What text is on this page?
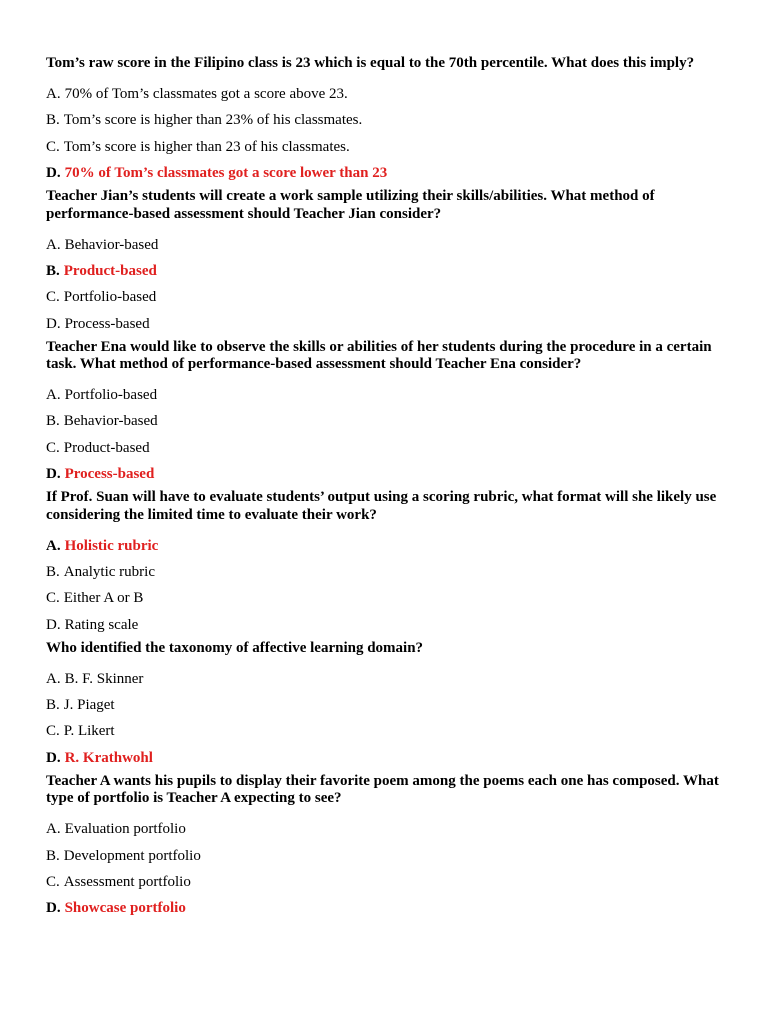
Tom’s raw score in the Filipino class is 23 which is equal to the 70th percentile. What does this imply?

A. 70% of Tom’s classmates got a score above 23.
B. Tom’s score is higher than 23% of his classmates.
C. Tom’s score is higher than 23 of his classmates.
D. 70% of Tom’s classmates got a score lower than 23

Teacher Jian’s students will create a work sample utilizing their skills/abilities. What method of performance-based assessment should Teacher Jian consider?

A. Behavior-based
B. Product-based
C. Portfolio-based
D. Process-based

Teacher Ena would like to observe the skills or abilities of her students during the procedure in a certain task. What method of performance-based assessment should Teacher Ena consider?

A. Portfolio-based
B. Behavior-based
C. Product-based
D. Process-based

If Prof. Suan will have to evaluate students’ output using a scoring rubric, what format will she likely use considering the limited time to evaluate their work?

A. Holistic rubric
B. Analytic rubric
C. Either A or B
D. Rating scale

Who identified the taxonomy of affective learning domain?

A. B. F. Skinner
B. J. Piaget
C. P. Likert
D. R. Krathwohl

Teacher A wants his pupils to display their favorite poem among the poems each one has composed. What type of portfolio is Teacher A expecting to see?

A. Evaluation portfolio
B. Development portfolio
C. Assessment portfolio
D. Showcase portfolio
